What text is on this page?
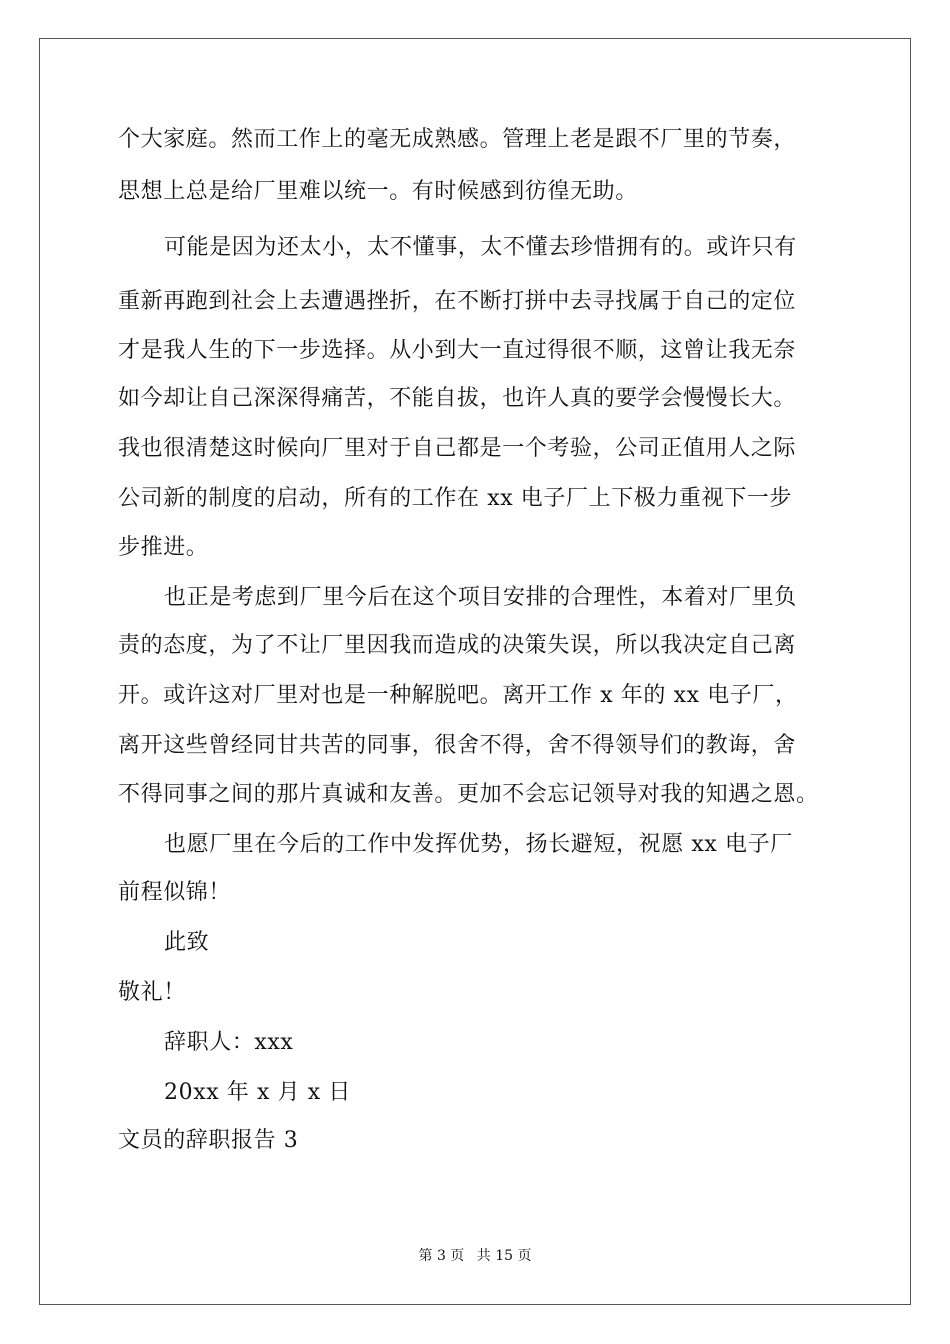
个大家庭。然而工作上的毫无成熟感。管理上老是跟不厂里的节奏，
思想上总是给厂里难以统一。有时候感到彷徨无助。
可能是因为还太小，太不懂事，太不懂去珍惜拥有的。或许只有
重新再跑到社会上去遭遇挫折，在不断打拼中去寻找属于自己的定位
才是我人生的下一步选择。从小到大一直过得很不顺，这曾让我无奈
如今却让自己深深得痛苦，不能自拔，也许人真的要学会慢慢长大。
我也很清楚这时候向厂里对于自己都是一个考验，公司正值用人之际
公司新的制度的启动，所有的工作在 xx 电子厂上下极力重视下一步
步推进。
也正是考虑到厂里今后在这个项目安排的合理性，本着对厂里负
责的态度，为了不让厂里因我而造成的决策失误，所以我决定自己离
开。或许这对厂里对也是一种解脱吧。离开工作 x 年的 xx 电子厂，
离开这些曾经同甘共苦的同事，很舍不得，舍不得领导们的教诲，舍
不得同事之间的那片真诚和友善。更加不会忘记领导对我的知遇之恩。
也愿厂里在今后的工作中发挥优势，扬长避短，祝愿 xx 电子厂
前程似锦！
此致
敬礼！
辞职人：xxx
20xx 年 x 月 x 日
文员的辞职报告 3
第 3 页 共 15 页
